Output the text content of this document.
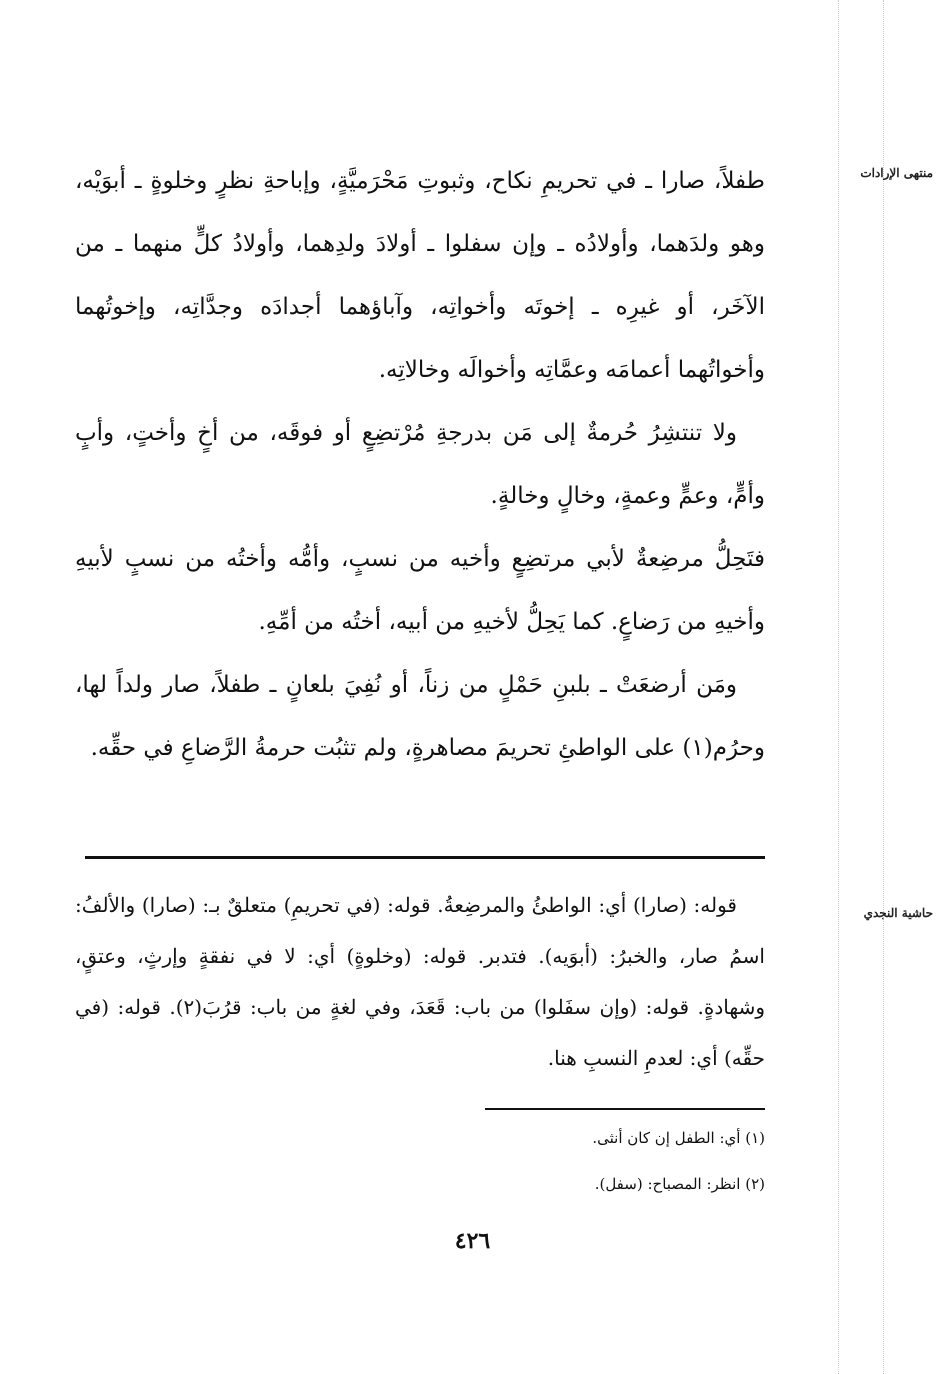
منتهى الإرادات

طفلاً، صارا ـ في تحريمِ نكاح، وثبوتِ مَحْرَميَّةٍ، وإباحةِ نظرٍ وخلوةٍ ـ أبوَيْه، وهو ولدَهما، وأولادُه ـ وإن سفلوا ـ أولادَ ولدِهما، وأولادُ كلٍّ منهما ـ من الآخَر، أو غيرِه ـ إخوتَه وأخواتِه، وآباؤهما أجدادَه وجدَّاتِه، وإخوتُهما وأخواتُهما أعمامَه وعمَّاتِه وأخوالَه وخالاتِه.

ولا تنتشِرُ حُرمةٌ إلى مَن بدرجةِ مُرْتضِعٍ أو فوقَه، من أخٍ وأختٍ، وأبٍ وأمٍّ، وعمٍّ وعمةٍ، وخالٍ وخالةٍ.

فتَحِلُّ مرضِعةٌ لأبي مرتضِعٍ وأخيه من نسبٍ، وأمُّه وأختُه من نسبٍ لأبيهِ وأخيهِ من رَضاعٍ. كما يَحِلُّ لأخيهِ من أبيه، أختُه من أمِّهِ.

ومَن أرضعَتْ ـ بلبنِ حَمْلٍ من زناً، أو نُفِيَ بلعانٍ ـ طفلاً، صار ولداً لها، وحرُم(١) على الواطئِ تحريمَ مصاهرةٍ، ولم تثبُت حرمةُ الرَّضاعِ في حقِّه.

حاشية النجدي

قوله: (صارا) أي: الواطئُ والمرضِعةُ. قوله: (في تحريمِ) متعلقٌ بـ: (صارا) والألفُ: اسمُ صار، والخبرُ: (أبوَيه). فتدبر. قوله: (وخلوةٍ) أي: لا في نفقةٍ وإرثٍ، وعتقٍ، وشهادةٍ. قوله: (وإن سفَلوا) من باب: قَعَدَ، وفي لغةٍ من باب: قرُبَ(٢). قوله: (في حقِّه) أي: لعدمِ النسبِ هنا.

(١) أي: الطفل إن كان أنثى.
(٢) انظر: المصباح: (سفل).
٤٢٦
